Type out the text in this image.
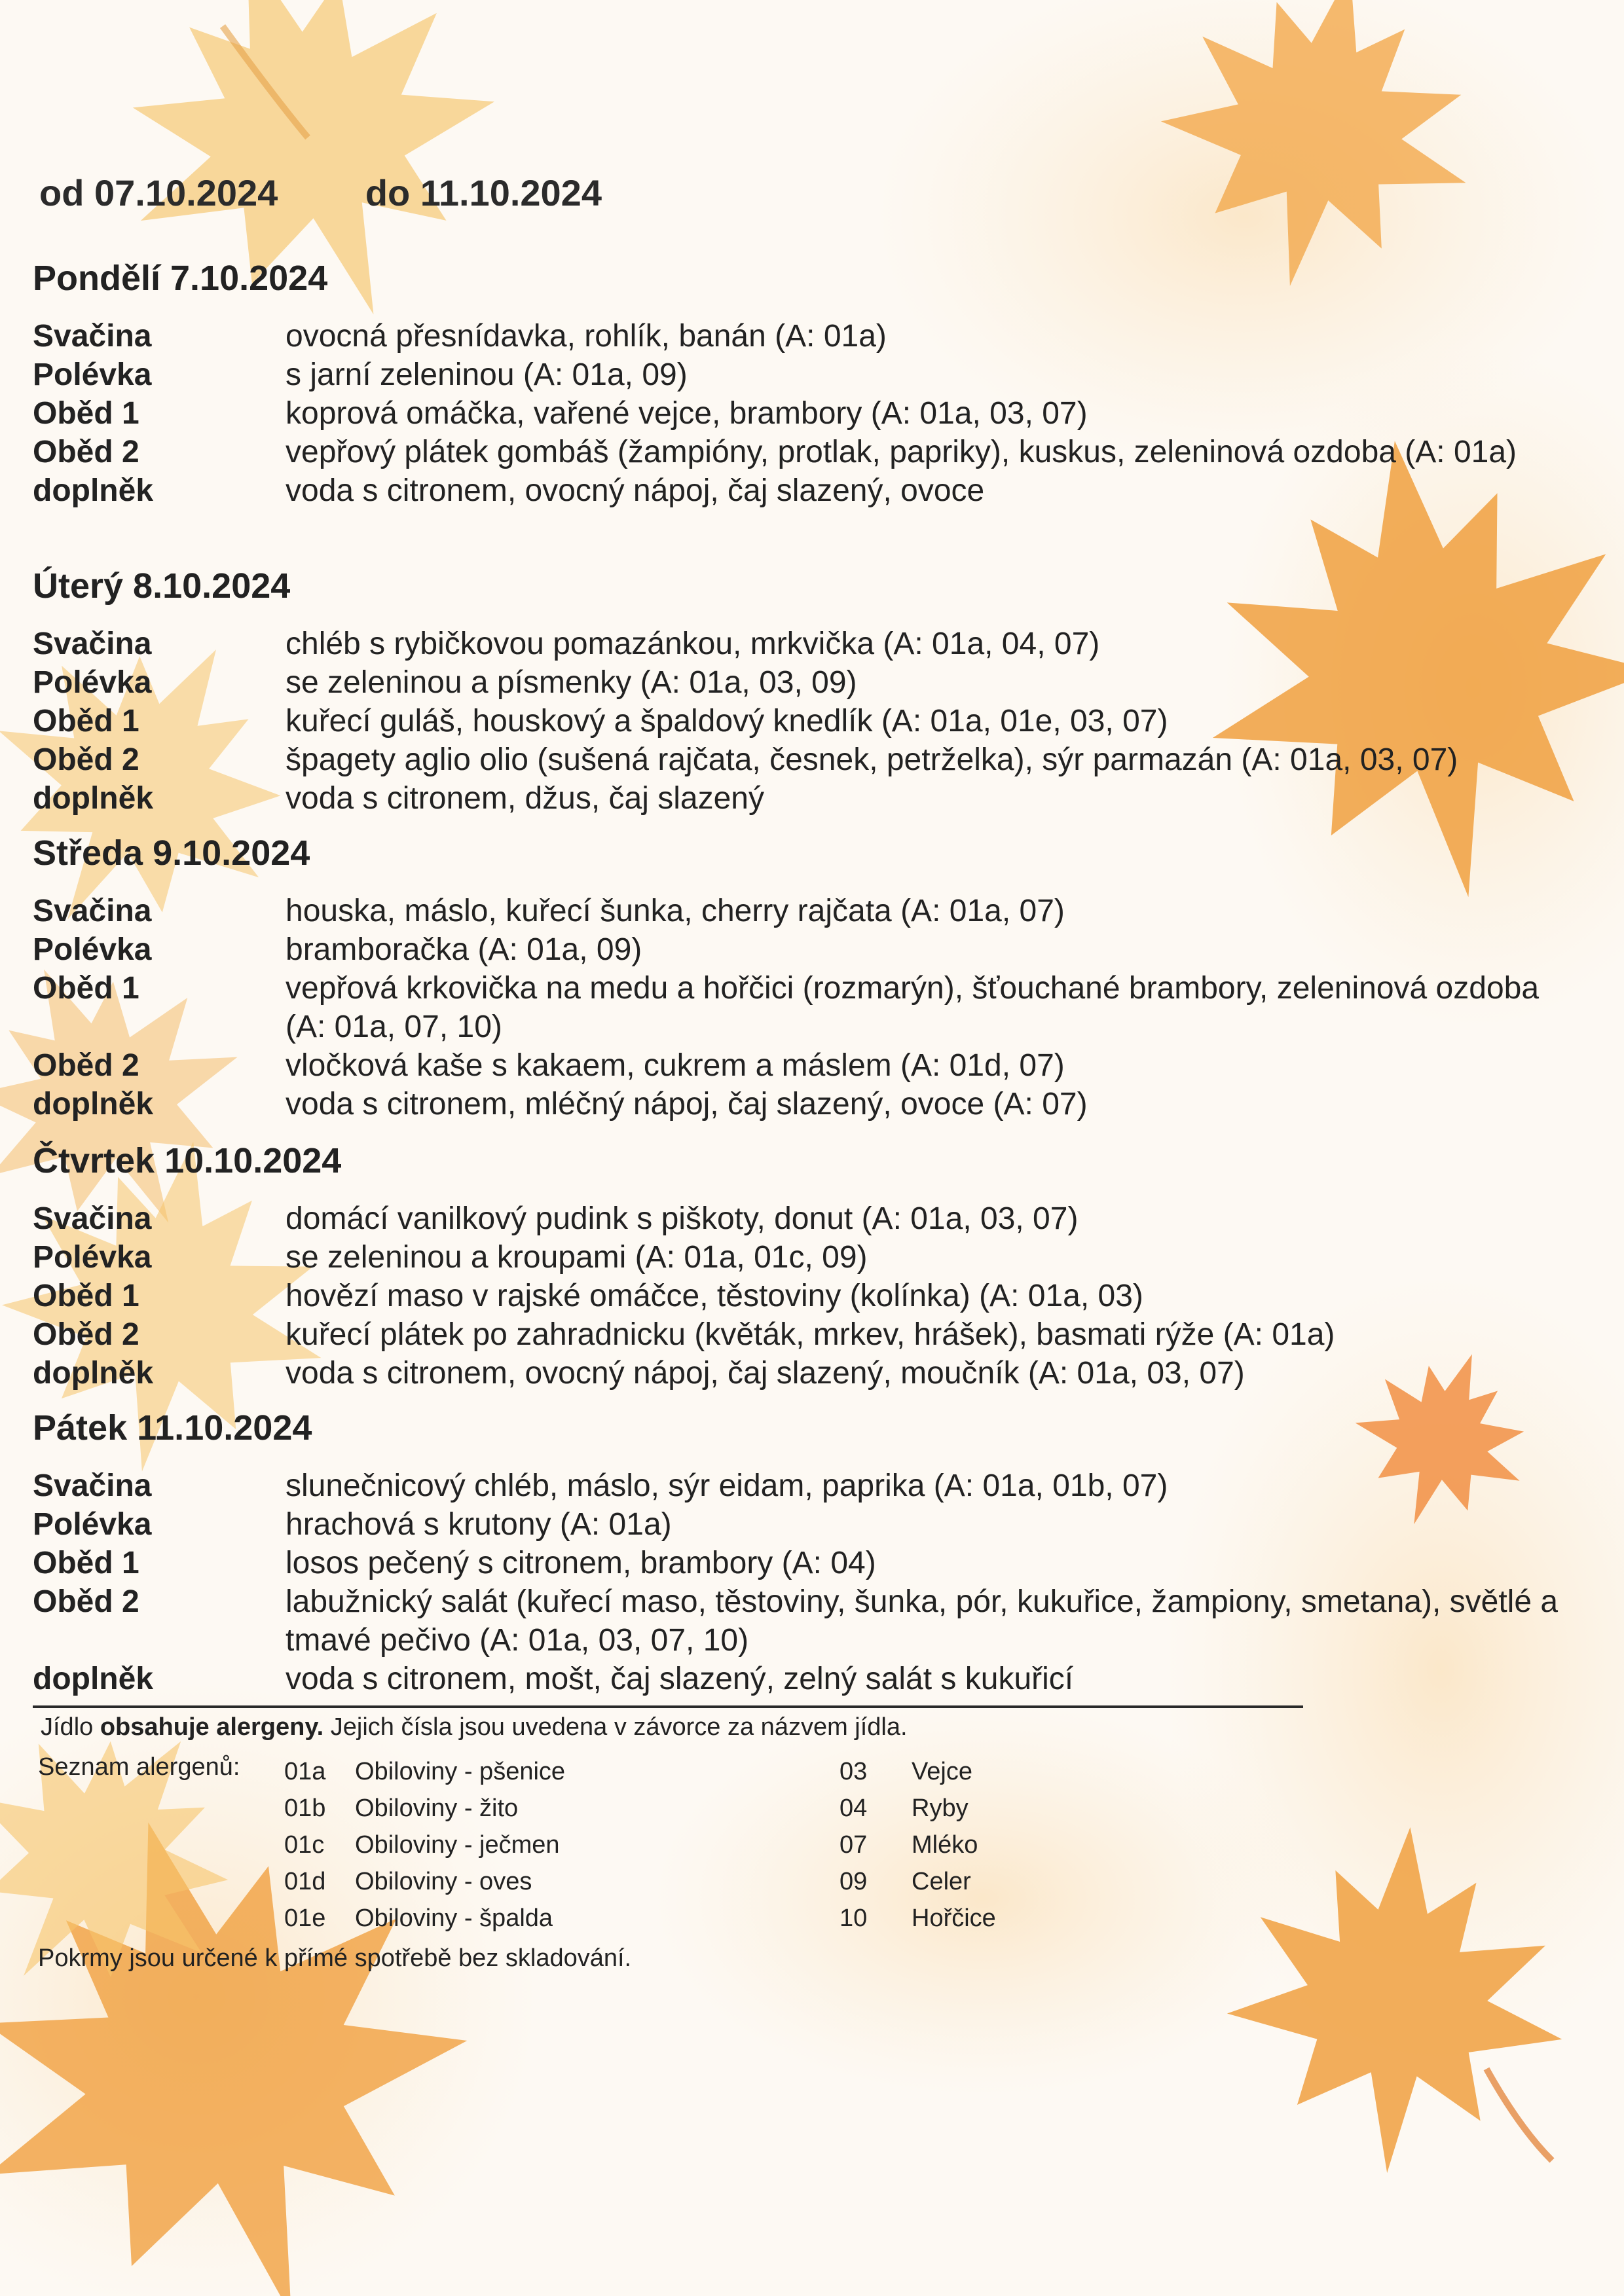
od 07.10.2024 do 11.10.2024
Pondělí 7.10.2024
Svačina	ovocná přesnídavka, rohlík, banán (A: 01a)
Polévka	s jarní zeleninou (A: 01a, 09)
Oběd 1	koprová omáčka, vařené vejce, brambory (A: 01a, 03, 07)
Oběd 2	vepřový plátek gombáš (žampióny, protlak, papriky), kuskus, zeleninová ozdoba (A: 01a)
doplněk	voda s citronem, ovocný nápoj, čaj slazený, ovoce
Úterý 8.10.2024
Svačina	chléb s rybičkovou pomazánkou, mrkvička (A: 01a, 04, 07)
Polévka	se zeleninou a písmenky (A: 01a, 03, 09)
Oběd 1	kuřecí guláš, houskový a špaldový knedlík (A: 01a, 01e, 03, 07)
Oběd 2	špagety aglio olio (sušená rajčata, česnek, petrželka), sýr parmazán (A: 01a, 03, 07)
doplněk	voda s citronem, džus, čaj slazený
Středa 9.10.2024
Svačina	houska, máslo, kuřecí šunka, cherry rajčata (A: 01a, 07)
Polévka	bramboračka (A: 01a, 09)
Oběd 1	vepřová krkovička na medu a hořčici (rozmarýn), šťouchané brambory, zeleninová ozdoba (A: 01a, 07, 10)
Oběd 2	vločková kaše s kakaem, cukrem a máslem (A: 01d, 07)
doplněk	voda s citronem, mléčný nápoj, čaj slazený, ovoce (A: 07)
Čtvrtek 10.10.2024
Svačina	domácí vanilkový pudink s piškoty, donut (A: 01a, 03, 07)
Polévka	se zeleninou a kroupami (A: 01a, 01c, 09)
Oběd 1	hovězí maso v rajské omáčce, těstoviny (kolínka) (A: 01a, 03)
Oběd 2	kuřecí plátek po zahradnicku (květák, mrkev, hrášek), basmati rýže (A: 01a)
doplněk	voda s citronem, ovocný nápoj, čaj slazený, moučník (A: 01a, 03, 07)
Pátek 11.10.2024
Svačina	slunečnicový chléb, máslo, sýr eidam, paprika (A: 01a, 01b, 07)
Polévka	hrachová s krutony (A: 01a)
Oběd 1	losos pečený s citronem, brambory (A: 04)
Oběd 2	labužnický salát (kuřecí maso, těstoviny, šunka, pór, kukuřice, žampiony, smetana), světlé a tmavé pečivo (A: 01a, 03, 07, 10)
doplněk	voda s citronem, mošt, čaj slazený, zelný salát s kukuřicí
Jídlo obsahuje alergeny. Jejich čísla jsou uvedena v závorce za názvem jídla.
Seznam alergenů: 01a	Obiloviny - pšenice
01b	Obiloviny - žito
01c	Obiloviny - ječmen
01d	Obiloviny - oves
01e	Obiloviny - špalda
03	Vejce
04	Ryby
07	Mléko
09	Celer
10	Hořčice
Pokrmy jsou určené k přímé spotřebě bez skladování.
